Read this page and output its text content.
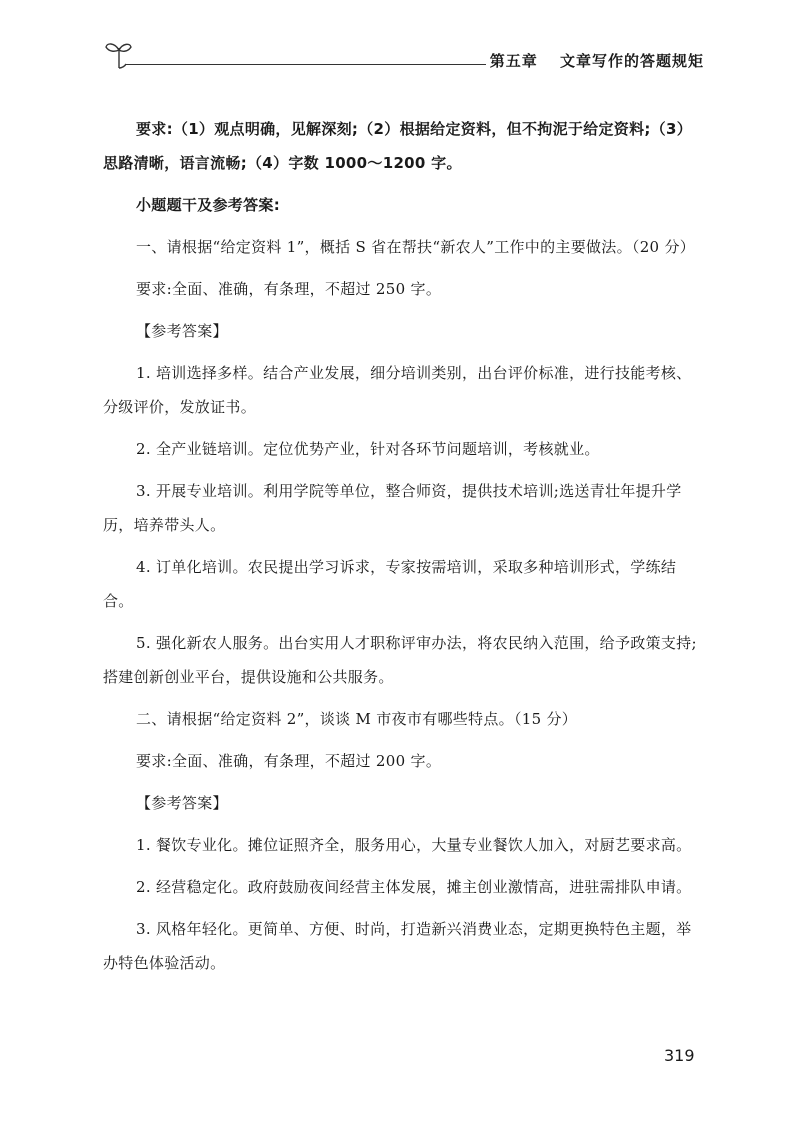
第五章 文章写作的答题规矩

要求:（1）观点明确，见解深刻;（2）根据给定资料，但不拘泥于给定资料;（3）思路清晰，语言流畅;（4）字数 1000～1200 字。

小题题干及参考答案:

一、请根据“给定资料 1”，概括 S 省在帮扶“新农人”工作中的主要做法。（20 分）

要求:全面、准确，有条理，不超过 250 字。

【参考答案】

1. 培训选择多样。结合产业发展，细分培训类别，出台评价标准，进行技能考核、分级评价，发放证书。

2. 全产业链培训。定位优势产业，针对各环节问题培训，考核就业。

3. 开展专业培训。利用学院等单位，整合师资，提供技术培训;选送青壮年提升学历，培养带头人。

4. 订单化培训。农民提出学习诉求，专家按需培训，采取多种培训形式，学练结合。

5. 强化新农人服务。出台实用人才职称评审办法，将农民纳入范围，给予政策支持;搭建创新创业平台，提供设施和公共服务。

二、请根据“给定资料 2”，谈谈 M 市夜市有哪些特点。（15 分）

要求:全面、准确，有条理，不超过 200 字。

【参考答案】

1. 餐饮专业化。摊位证照齐全，服务用心，大量专业餐饮人加入，对厨艺要求高。

2. 经营稳定化。政府鼓励夜间经营主体发展，摊主创业激情高，进驻需排队申请。

3. 风格年轻化。更简单、方便、时尚，打造新兴消费业态，定期更换特色主题，举办特色体验活动。

319
